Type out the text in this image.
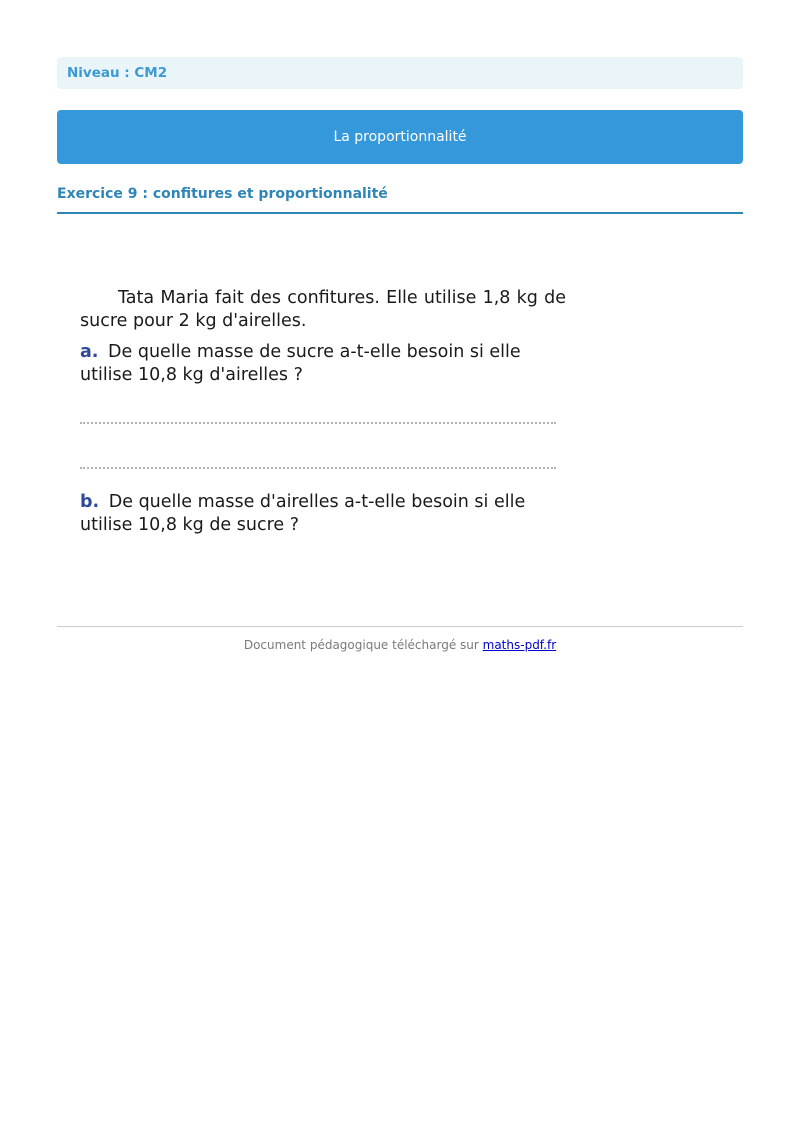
Niveau : CM2
La proportionnalité
Exercice 9 : confitures et proportionnalité

Tata Maria fait des confitures. Elle utilise 1,8 kg de sucre pour 2 kg d'airelles.

a. De quelle masse de sucre a-t-elle besoin si elle utilise 10,8 kg d'airelles ?

b. De quelle masse d'airelles a-t-elle besoin si elle utilise 10,8 kg de sucre ?

Document pédagogique téléchargé sur maths-pdf.fr
